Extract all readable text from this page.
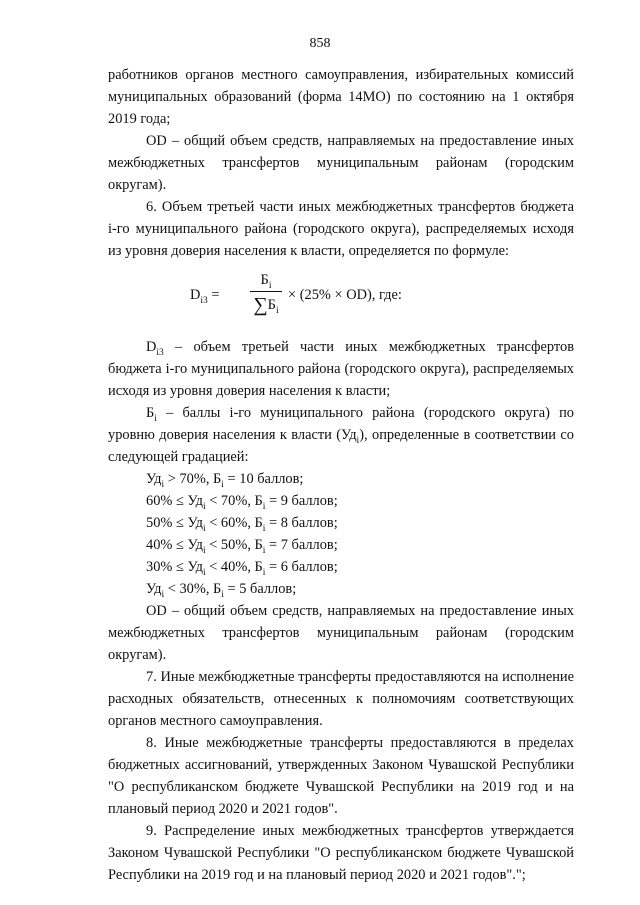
858

работников органов местного самоуправления, избирательных комиссий муниципальных образований (форма 14МО) по состоянию на 1 октября 2019 года;

OD – общий объем средств, направляемых на предоставление иных межбюджетных трансфертов муниципальным районам (городским округам).

6. Объем третьей части иных межбюджетных трансфертов бюджета i-го муниципального района (городского округа), распределяемых исходя из уровня доверия населения к власти, определяется по формуле:

$D_{i3}$ =
$Б_i$
$\sum Б_i$
× (25% × OD), где:

$D_{i3}$ – объем третьей части иных межбюджетных трансфертов бюджета i-го муниципального района (городского округа), распределяемых исходя из уровня доверия населения к власти;

$Б_i$ – баллы i-го муниципального района (городского округа) по уровню доверия населения к власти $(Уд_i)$, определенные в соответствии со следующей градацией:

$Уд_i > 70\%$, $Б_i = 10$ баллов;

$60\% \le Уд_i < 70\%$, $Б_i = 9$ баллов;

$50\% \le Уд_i < 60\%$, $Б_i = 8$ баллов;

$40\% \le Уд_i < 50\%$, $Б_i = 7$ баллов;

$30\% \le Уд_i < 40\%$, $Б_i = 6$ баллов;

$Уд_i < 30\%$, $Б_i = 5$ баллов;

OD – общий объем средств, направляемых на предоставление иных межбюджетных трансфертов муниципальным районам (городским округам).

7. Иные межбюджетные трансферты предоставляются на исполнение расходных обязательств, отнесенных к полномочиям соответствующих органов местного самоуправления.

8. Иные межбюджетные трансферты предоставляются в пределах бюджетных ассигнований, утвержденных Законом Чувашской Республики "О республиканском бюджете Чувашской Республики на 2019 год и на плановый период 2020 и 2021 годов".

9. Распределение иных межбюджетных трансфертов утверждается Законом Чувашской Республики "О республиканском бюджете Чувашской Республики на 2019 год и на плановый период 2020 и 2021 годов".";
